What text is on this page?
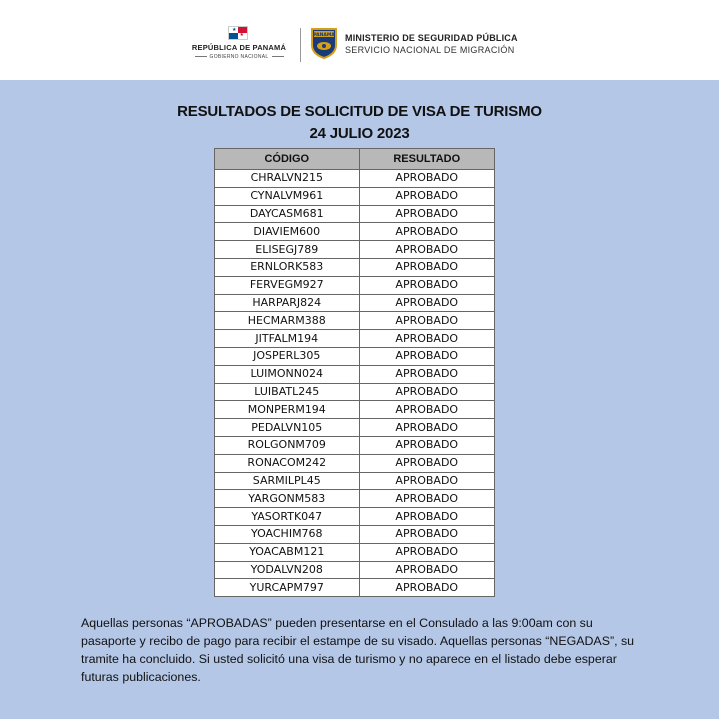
★
★
REPÚBLICA DE PANAMÁ
GOBIERNO NACIONAL
PANAMÁ MINISTERIO DE SEGURIDAD PÚBLICA
SERVICIO NACIONAL DE MIGRACIÓN
RESULTADOS DE SOLICITUD DE VISA DE TURISMO
24 JULIO 2023
CÓDIGO	RESULTADO
CHRALVN215	APROBADO
CYNALVM961	APROBADO
DAYCASM681	APROBADO
DIAVIEM600	APROBADO
ELISEGJ789	APROBADO
ERNLORK583	APROBADO
FERVEGM927	APROBADO
HARPARJ824	APROBADO
HECMARM388	APROBADO
JITFALM194	APROBADO
JOSPERL305	APROBADO
LUIMONN024	APROBADO
LUIBATL245	APROBADO
MONPERM194	APROBADO
PEDALVN105	APROBADO
ROLGONM709	APROBADO
RONACOM242	APROBADO
SARMILPL45	APROBADO
YARGONM583	APROBADO
YASORTK047	APROBADO
YOACHIM768	APROBADO
YOACABM121	APROBADO
YODALVN208	APROBADO
YURCAPM797	APROBADO
Aquellas personas “APROBADAS” pueden presentarse en el Consulado a las 9:00am con su pasaporte y recibo de pago para recibir el estampe de su visado. Aquellas personas “NEGADAS”, su tramite ha concluido. Si usted solicitó una visa de turismo y no aparece en el listado debe esperar futuras publicaciones.
